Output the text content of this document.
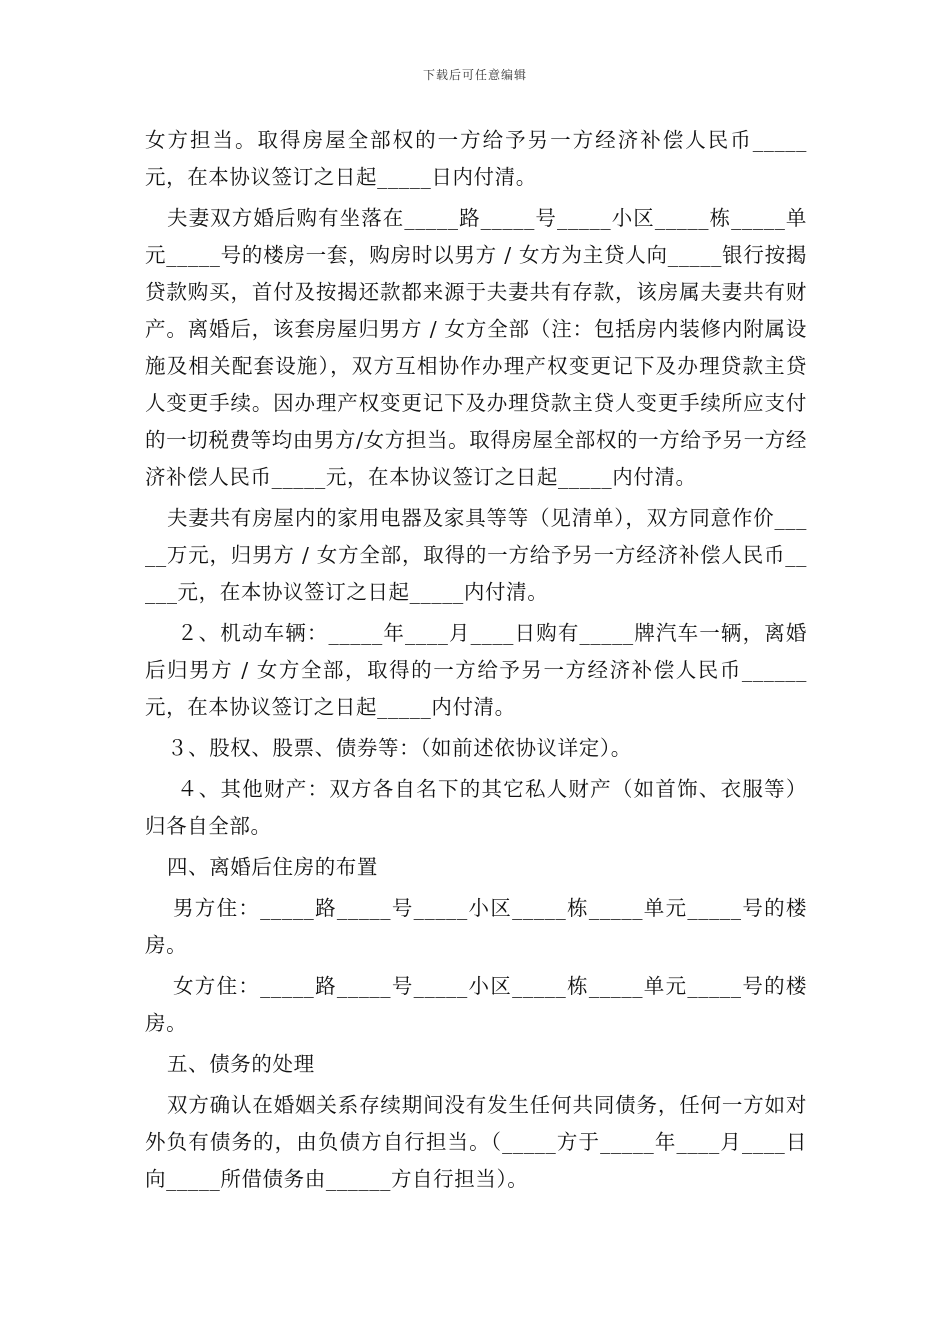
下载后可任意编辑

女方担当。取得房屋全部权的一方给予另一方经济补偿人民币_____元，在本协议签订之日起_____日内付清。

夫妻双方婚后购有坐落在_____路_____号_____小区_____栋_____单元_____号的楼房一套，购房时以男方 / 女方为主贷人向_____银行按揭贷款购买，首付及按揭还款都来源于夫妻共有存款，该房属夫妻共有财产。离婚后，该套房屋归男方 / 女方全部（注：包括房内装修内附属设施及相关配套设施），双方互相协作办理产权变更记下及办理贷款主贷人变更手续。因办理产权变更记下及办理贷款主贷人变更手续所应支付的一切税费等均由男方/女方担当。取得房屋全部权的一方给予另一方经济补偿人民币_____元，在本协议签订之日起_____内付清。

夫妻共有房屋内的家用电器及家具等等（见清单），双方同意作价_____万元，归男方 / 女方全部，取得的一方给予另一方经济补偿人民币_____元，在本协议签订之日起_____内付清。

２、机动车辆：_____年____月____日购有_____牌汽车一辆，离婚后归男方 / 女方全部，取得的一方给予另一方经济补偿人民币______元，在本协议签订之日起_____内付清。

３、股权、股票、债券等：（如前述依协议详定）。

４、其他财产：双方各自名下的其它私人财产（如首饰、衣服等）归各自全部。

四、离婚后住房的布置

男方住：_____路_____号_____小区_____栋_____单元_____号的楼房。

女方住：_____路_____号_____小区_____栋_____单元_____号的楼房。

五、债务的处理

双方确认在婚姻关系存续期间没有发生任何共同债务，任何一方如对外负有债务的，由负债方自行担当。（_____方于_____年____月____日向_____所借债务由______方自行担当）。
